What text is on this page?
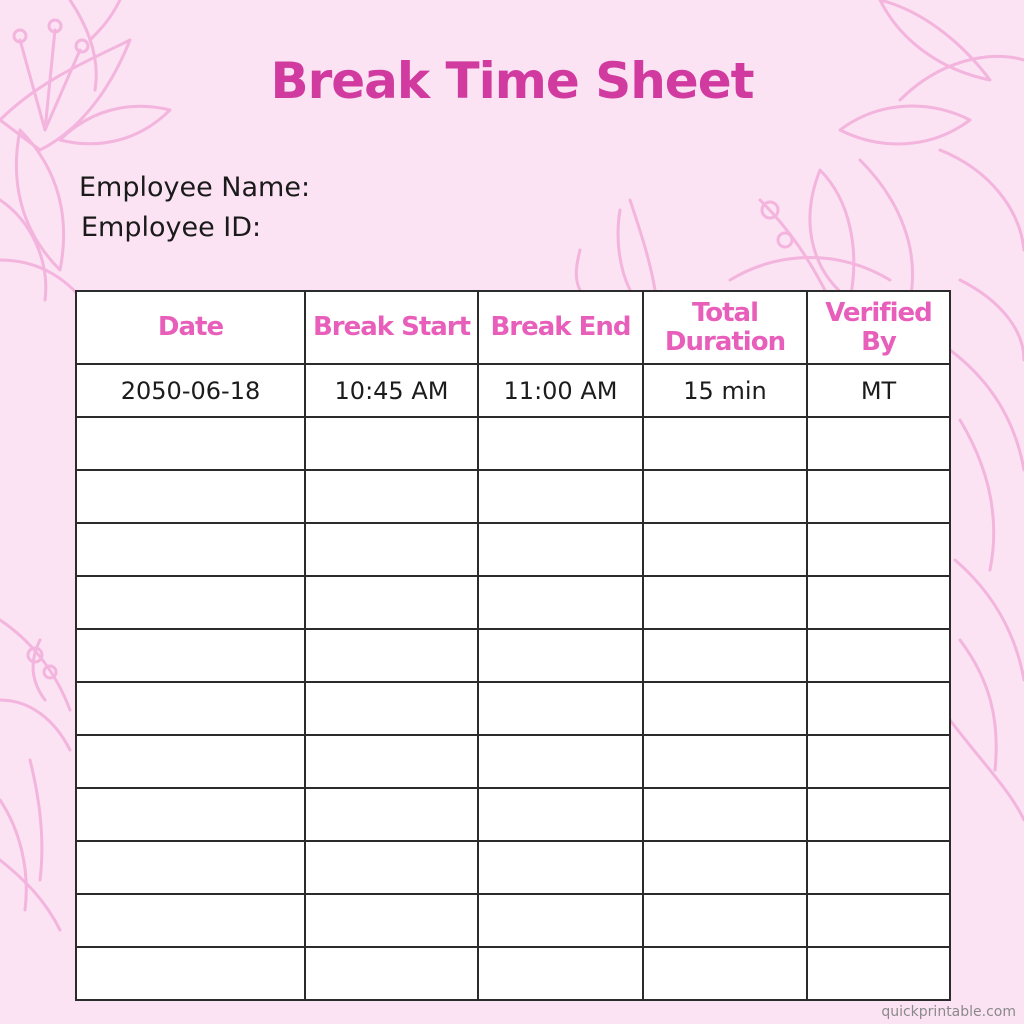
Break Time Sheet
Employee Name:
Employee ID:
Date	Break Start	Break End	Total Duration	Verified By
2050-06-18	10:45 AM	11:00 AM	15 min	MT

quickprintable.com
